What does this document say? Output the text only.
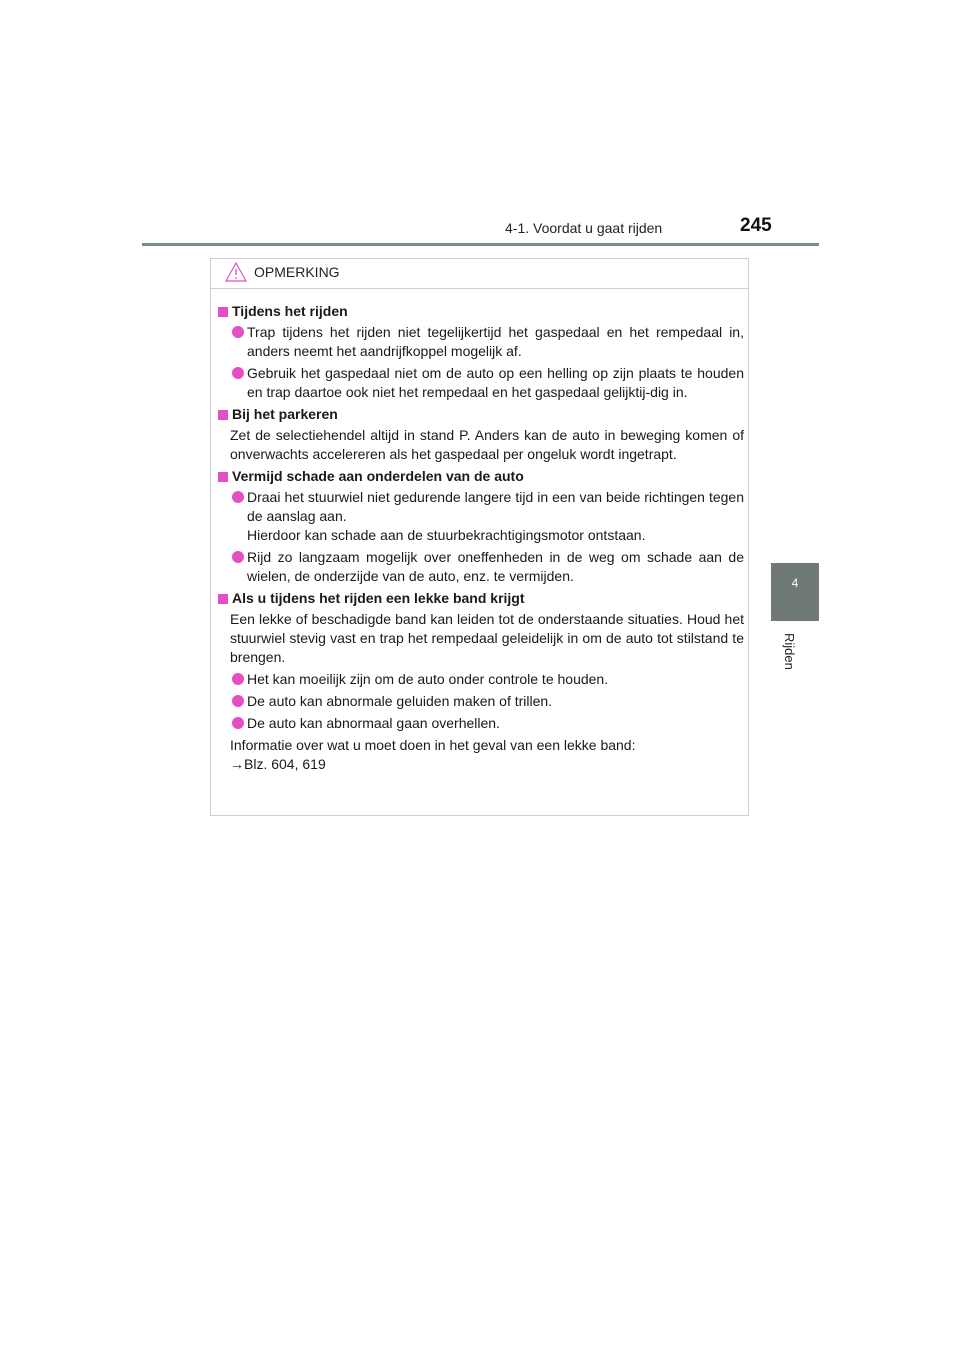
4-1. Voordat u gaat rijden	245
4
Rijden
OPMERKING
Tijdens het rijden
Trap tijdens het rijden niet tegelijkertijd het gaspedaal en het rempedaal in, anders neemt het aandrijfkoppel mogelijk af.
Gebruik het gaspedaal niet om de auto op een helling op zijn plaats te houden en trap daartoe ook niet het rempedaal en het gaspedaal gelijktij-dig in.
Bij het parkeren
Zet de selectiehendel altijd in stand P. Anders kan de auto in beweging komen of onverwachts accelereren als het gaspedaal per ongeluk wordt ingetrapt.
Vermijd schade aan onderdelen van de auto
Draai het stuurwiel niet gedurende langere tijd in een van beide richtingen tegen de aanslag aan.
Hierdoor kan schade aan de stuurbekrachtigingsmotor ontstaan.
Rijd zo langzaam mogelijk over oneffenheden in de weg om schade aan de wielen, de onderzijde van de auto, enz. te vermijden.
Als u tijdens het rijden een lekke band krijgt
Een lekke of beschadigde band kan leiden tot de onderstaande situaties. Houd het stuurwiel stevig vast en trap het rempedaal geleidelijk in om de auto tot stilstand te brengen.
Het kan moeilijk zijn om de auto onder controle te houden.
De auto kan abnormale geluiden maken of trillen.
De auto kan abnormaal gaan overhellen.
Informatie over wat u moet doen in het geval van een lekke band:
→Blz. 604, 619
